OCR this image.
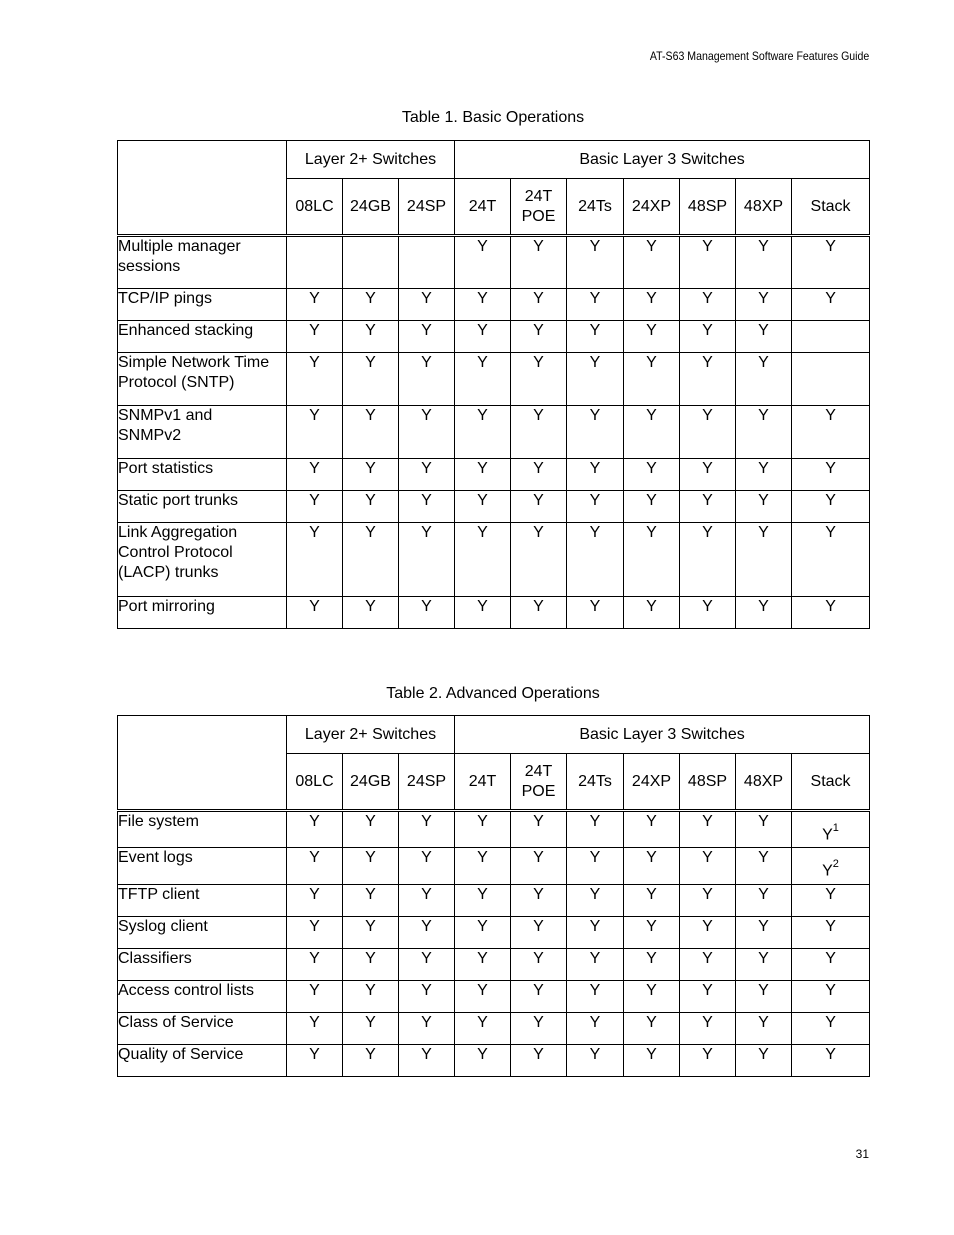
AT-S63 Management Software Features Guide
Table 1. Basic Operations
	Layer 2+ Switches			Basic Layer 3 Switches						
	08LC	24GB	24SP	24T	24T
POE	24Ts	24XP	48SP	48XP	Stack
Multiple manager
sessions				Y	Y	Y	Y	Y	Y	Y
TCP/IP pings	Y	Y	Y	Y	Y	Y	Y	Y	Y	Y
Enhanced stacking	Y	Y	Y	Y	Y	Y	Y	Y	Y	
Simple Network Time
Protocol (SNTP)	Y	Y	Y	Y	Y	Y	Y	Y	Y	
SNMPv1 and
SNMPv2	Y	Y	Y	Y	Y	Y	Y	Y	Y	Y
Port statistics	Y	Y	Y	Y	Y	Y	Y	Y	Y	Y
Static port trunks	Y	Y	Y	Y	Y	Y	Y	Y	Y	Y
Link Aggregation
Control Protocol
(LACP) trunks	Y	Y	Y	Y	Y	Y	Y	Y	Y	Y
Port mirroring	Y	Y	Y	Y	Y	Y	Y	Y	Y	Y
Table 2. Advanced Operations
	Layer 2+ Switches			Basic Layer 3 Switches						
	08LC	24GB	24SP	24T	24T
POE	24Ts	24XP	48SP	48XP	Stack
File system	Y	Y	Y	Y	Y	Y	Y	Y	Y	$Y^1$
Event logs	Y	Y	Y	Y	Y	Y	Y	Y	Y	$Y^2$
TFTP client	Y	Y	Y	Y	Y	Y	Y	Y	Y	Y
Syslog client	Y	Y	Y	Y	Y	Y	Y	Y	Y	Y
Classifiers	Y	Y	Y	Y	Y	Y	Y	Y	Y	Y
Access control lists	Y	Y	Y	Y	Y	Y	Y	Y	Y	Y
Class of Service	Y	Y	Y	Y	Y	Y	Y	Y	Y	Y
Quality of Service	Y	Y	Y	Y	Y	Y	Y	Y	Y	Y
31
